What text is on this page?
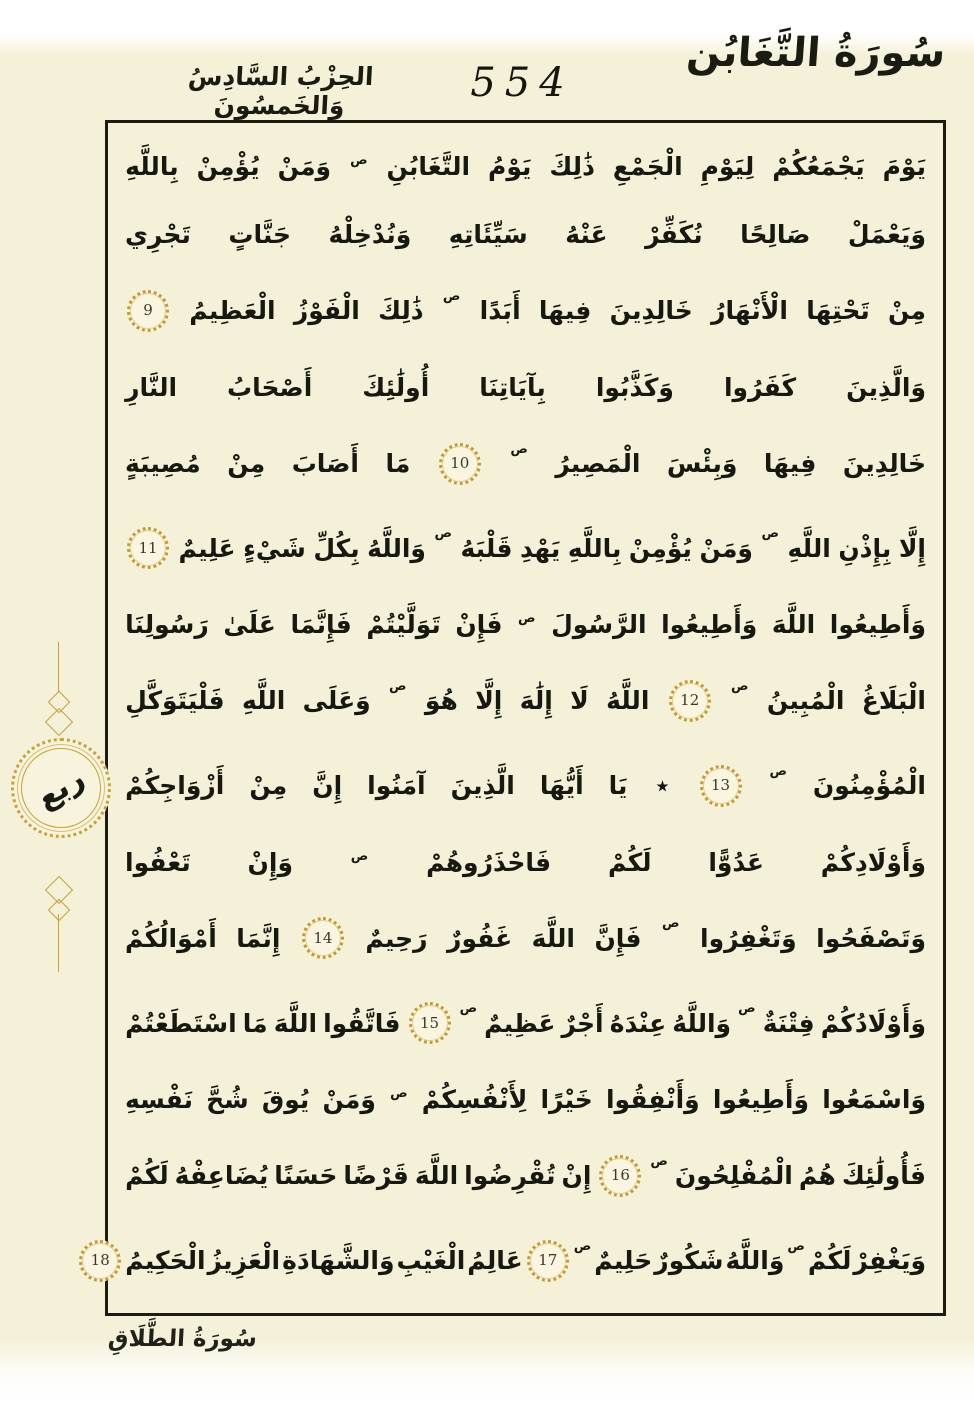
سُورَةُ التَّغَابُن
554
الحِزْبُ السَّادِسُ وَالخَمسُونَ
يَوْمَ
يَجْمَعُكُمْ
لِيَوْمِ
الْجَمْعِ
ذَٰلِكَ
يَوْمُ
التَّغَابُنِ
ص
وَمَنْ
يُؤْمِنْ
بِاللَّهِ
وَيَعْمَلْ
صَالِحًا
نُكَفِّرْ
عَنْهُ
سَيِّئَاتِهِ
وَنُدْخِلْهُ
جَنَّاتٍ
تَجْرِي
مِنْ
تَحْتِهَا
الْأَنْهَارُ
خَالِدِينَ
فِيهَا
أَبَدًا
ص
ذَٰلِكَ
الْفَوْزُ
الْعَظِيمُ
9
وَالَّذِينَ
كَفَرُوا
وَكَذَّبُوا
بِآيَاتِنَا
أُولَٰئِكَ
أَصْحَابُ
النَّارِ
خَالِدِينَ
فِيهَا
وَبِئْسَ
الْمَصِيرُ
ص
10
مَا
أَصَابَ
مِنْ
مُصِيبَةٍ
إِلَّا
بِإِذْنِ
اللَّهِ
ص
وَمَنْ
يُؤْمِنْ
بِاللَّهِ
يَهْدِ
قَلْبَهُ
ص
وَاللَّهُ
بِكُلِّ
شَيْءٍ
عَلِيمٌ
11
وَأَطِيعُوا
اللَّهَ
وَأَطِيعُوا
الرَّسُولَ
ص
فَإِنْ
تَوَلَّيْتُمْ
فَإِنَّمَا
عَلَىٰ
رَسُولِنَا
الْبَلَاغُ
الْمُبِينُ
ص
12
اللَّهُ
لَا
إِلَٰهَ
إِلَّا
هُوَ
ص
وَعَلَى
اللَّهِ
فَلْيَتَوَكَّلِ
الْمُؤْمِنُونَ
ص
13
٭
يَا
أَيُّهَا
الَّذِينَ
آمَنُوا
إِنَّ
مِنْ
أَزْوَاجِكُمْ
وَأَوْلَادِكُمْ
عَدُوًّا
لَكُمْ
فَاحْذَرُوهُمْ
ص
وَإِنْ
تَعْفُوا
وَتَصْفَحُوا
وَتَغْفِرُوا
ص
فَإِنَّ
اللَّهَ
غَفُورٌ
رَحِيمٌ
14
إِنَّمَا
أَمْوَالُكُمْ
وَأَوْلَادُكُمْ
فِتْنَةٌ
ص
وَاللَّهُ
عِنْدَهُ
أَجْرٌ
عَظِيمٌ
ص
15
فَاتَّقُوا
اللَّهَ
مَا
اسْتَطَعْتُمْ
وَاسْمَعُوا
وَأَطِيعُوا
وَأَنْفِقُوا
خَيْرًا
لِأَنْفُسِكُمْ
ص
وَمَنْ
يُوقَ
شُحَّ
نَفْسِهِ
فَأُولَٰئِكَ
هُمُ
الْمُفْلِحُونَ
ص
16
إِنْ
تُقْرِضُوا
اللَّهَ
قَرْضًا
حَسَنًا
يُضَاعِفْهُ
لَكُمْ
وَيَغْفِرْ
لَكُمْ
ص
وَاللَّهُ
شَكُورٌ
حَلِيمٌ
ص
17
عَالِمُ
الْغَيْبِ
وَالشَّهَادَةِ
الْعَزِيزُ
الْحَكِيمُ
18
ربع
سُورَةُ الطَّلَاقِ
